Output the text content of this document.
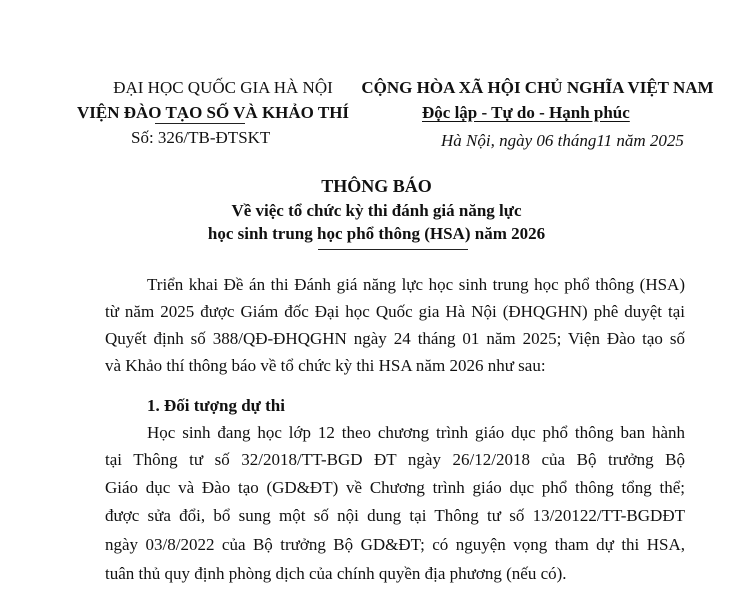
ĐẠI HỌC QUỐC GIA HÀ NỘI
VIỆN ĐÀO TẠO SỐ VÀ KHẢO THÍ
Số: 326/TB-ĐTSKT
CỘNG HÒA XÃ HỘI CHỦ NGHĨA VIỆT NAM
Độc lập - Tự do - Hạnh phúc
Hà Nội, ngày 06 tháng11 năm 2025
THÔNG BÁO
Về việc tổ chức kỳ thi đánh giá năng lực
học sinh trung học phổ thông (HSA) năm 2026
Triển khai Đề án thi Đánh giá năng lực học sinh trung học phổ thông (HSA)
từ năm 2025 được Giám đốc Đại học Quốc gia Hà Nội (ĐHQGHN) phê duyệt tại
Quyết định số 388/QĐ-ĐHQGHN ngày 24 tháng 01 năm 2025; Viện Đào tạo số
và Khảo thí thông báo về tổ chức kỳ thi HSA năm 2026 như sau:
1. Đối tượng dự thi
Học sinh đang học lớp 12 theo chương trình giáo dục phổ thông ban hành
tại Thông tư số 32/2018/TT-BGD ĐT ngày 26/12/2018 của Bộ trưởng Bộ
Giáo dục và Đào tạo (GD&ĐT) về Chương trình giáo dục phổ thông tổng thể;
được sửa đổi, bổ sung một số nội dung tại Thông tư số 13/20122/TT-BGDĐT
ngày 03/8/2022 của Bộ trưởng Bộ GD&ĐT; có nguyện vọng tham dự thi HSA,
tuân thủ quy định phòng dịch của chính quyền địa phương (nếu có).
